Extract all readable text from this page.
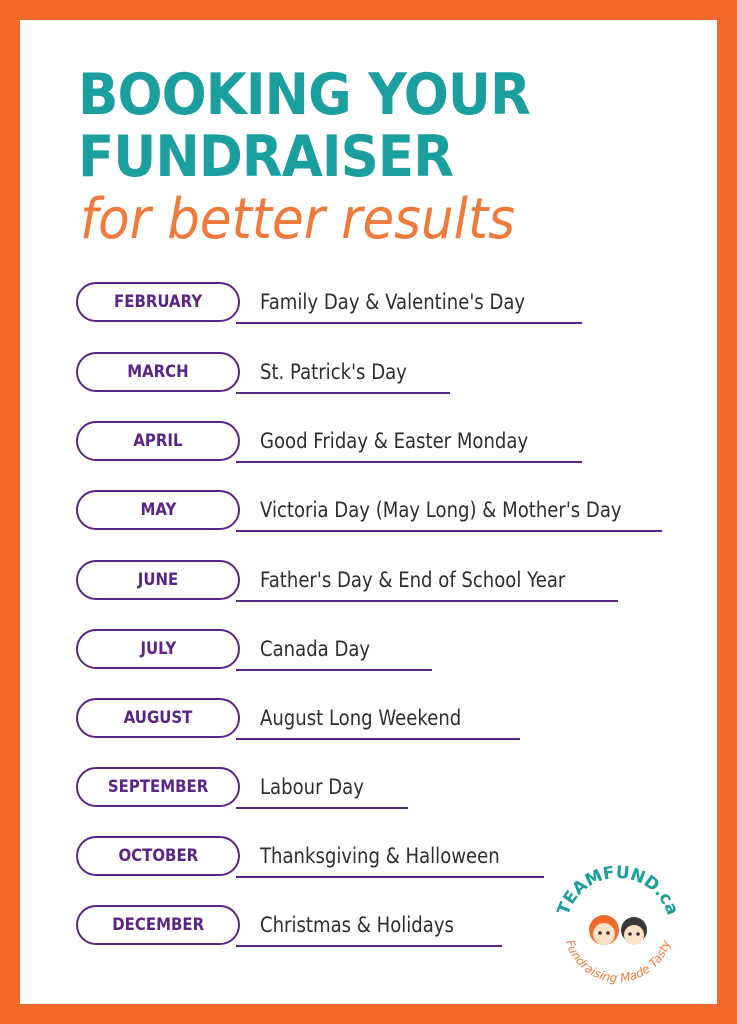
BOOKING YOUR
FUNDRAISER
for better results
FEBRUARY	Family Day & Valentine's Day
MARCH	St. Patrick's Day
APRIL	Good Friday & Easter Monday
MAY	Victoria Day (May Long) & Mother's Day
JUNE	Father's Day & End of School Year
JULY	Canada Day
AUGUST	August Long Weekend
SEPTEMBER Labour Day
OCTOBER	Thanksgiving & Halloween
DECEMBER	Christmas & Holidays
TEAMFUND.ca
Fundraising Made Tasty
